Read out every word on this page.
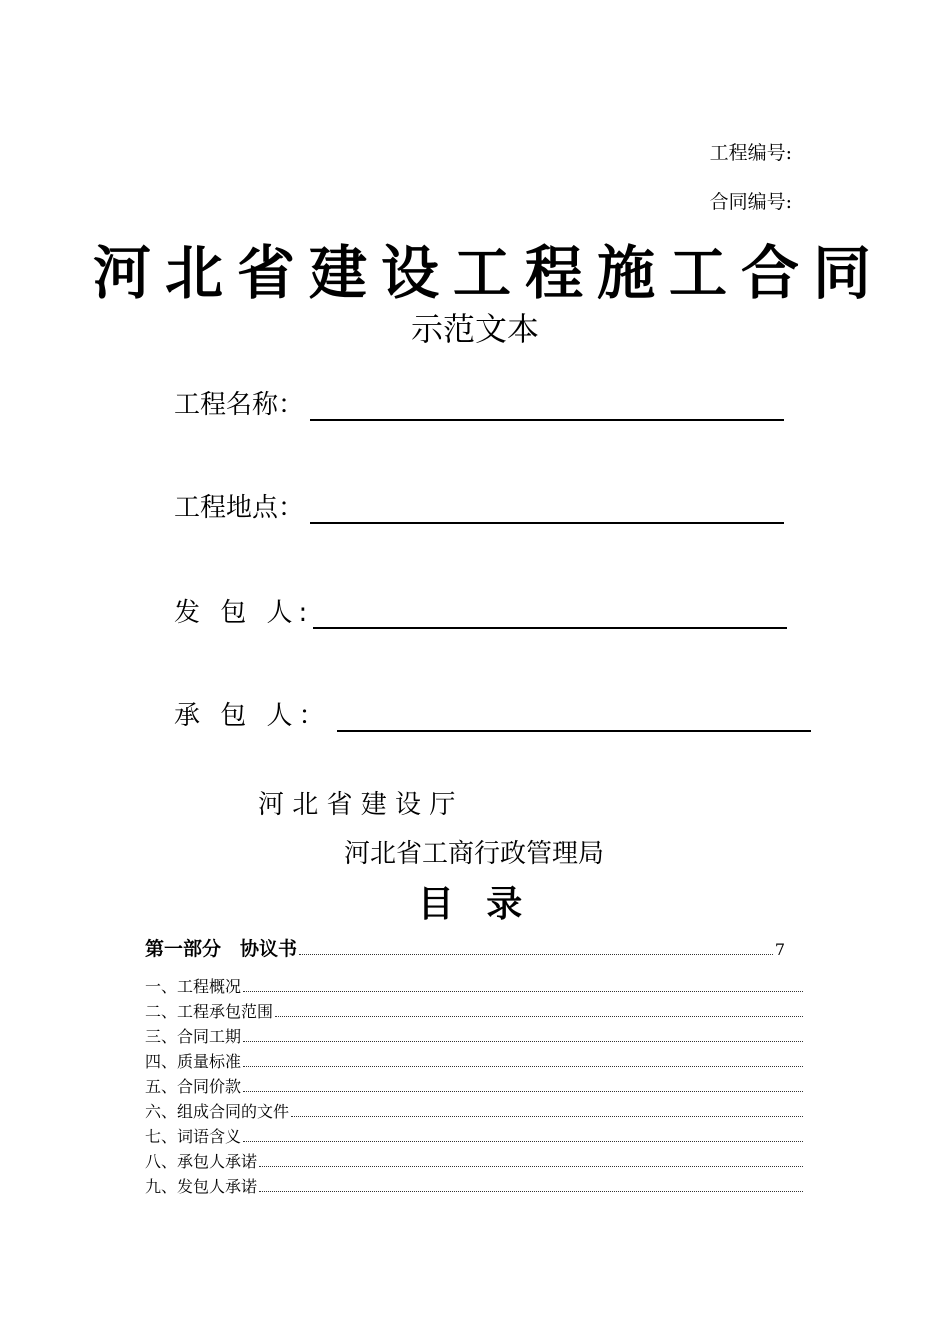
工程编号:
合同编号:
河北省建设工程施工合同
示范文本
工程名称：
工程地点：
发 包 人:
承 包 人：
河 北 省 建 设 厅
河北省工商行政管理局
目 录
第一部分　协议书	7
一、工程概况
二、工程承包范围
三、合同工期
四、质量标准
五、合同价款
六、组成合同的文件
七、词语含义
八、承包人承诺
九、发包人承诺
